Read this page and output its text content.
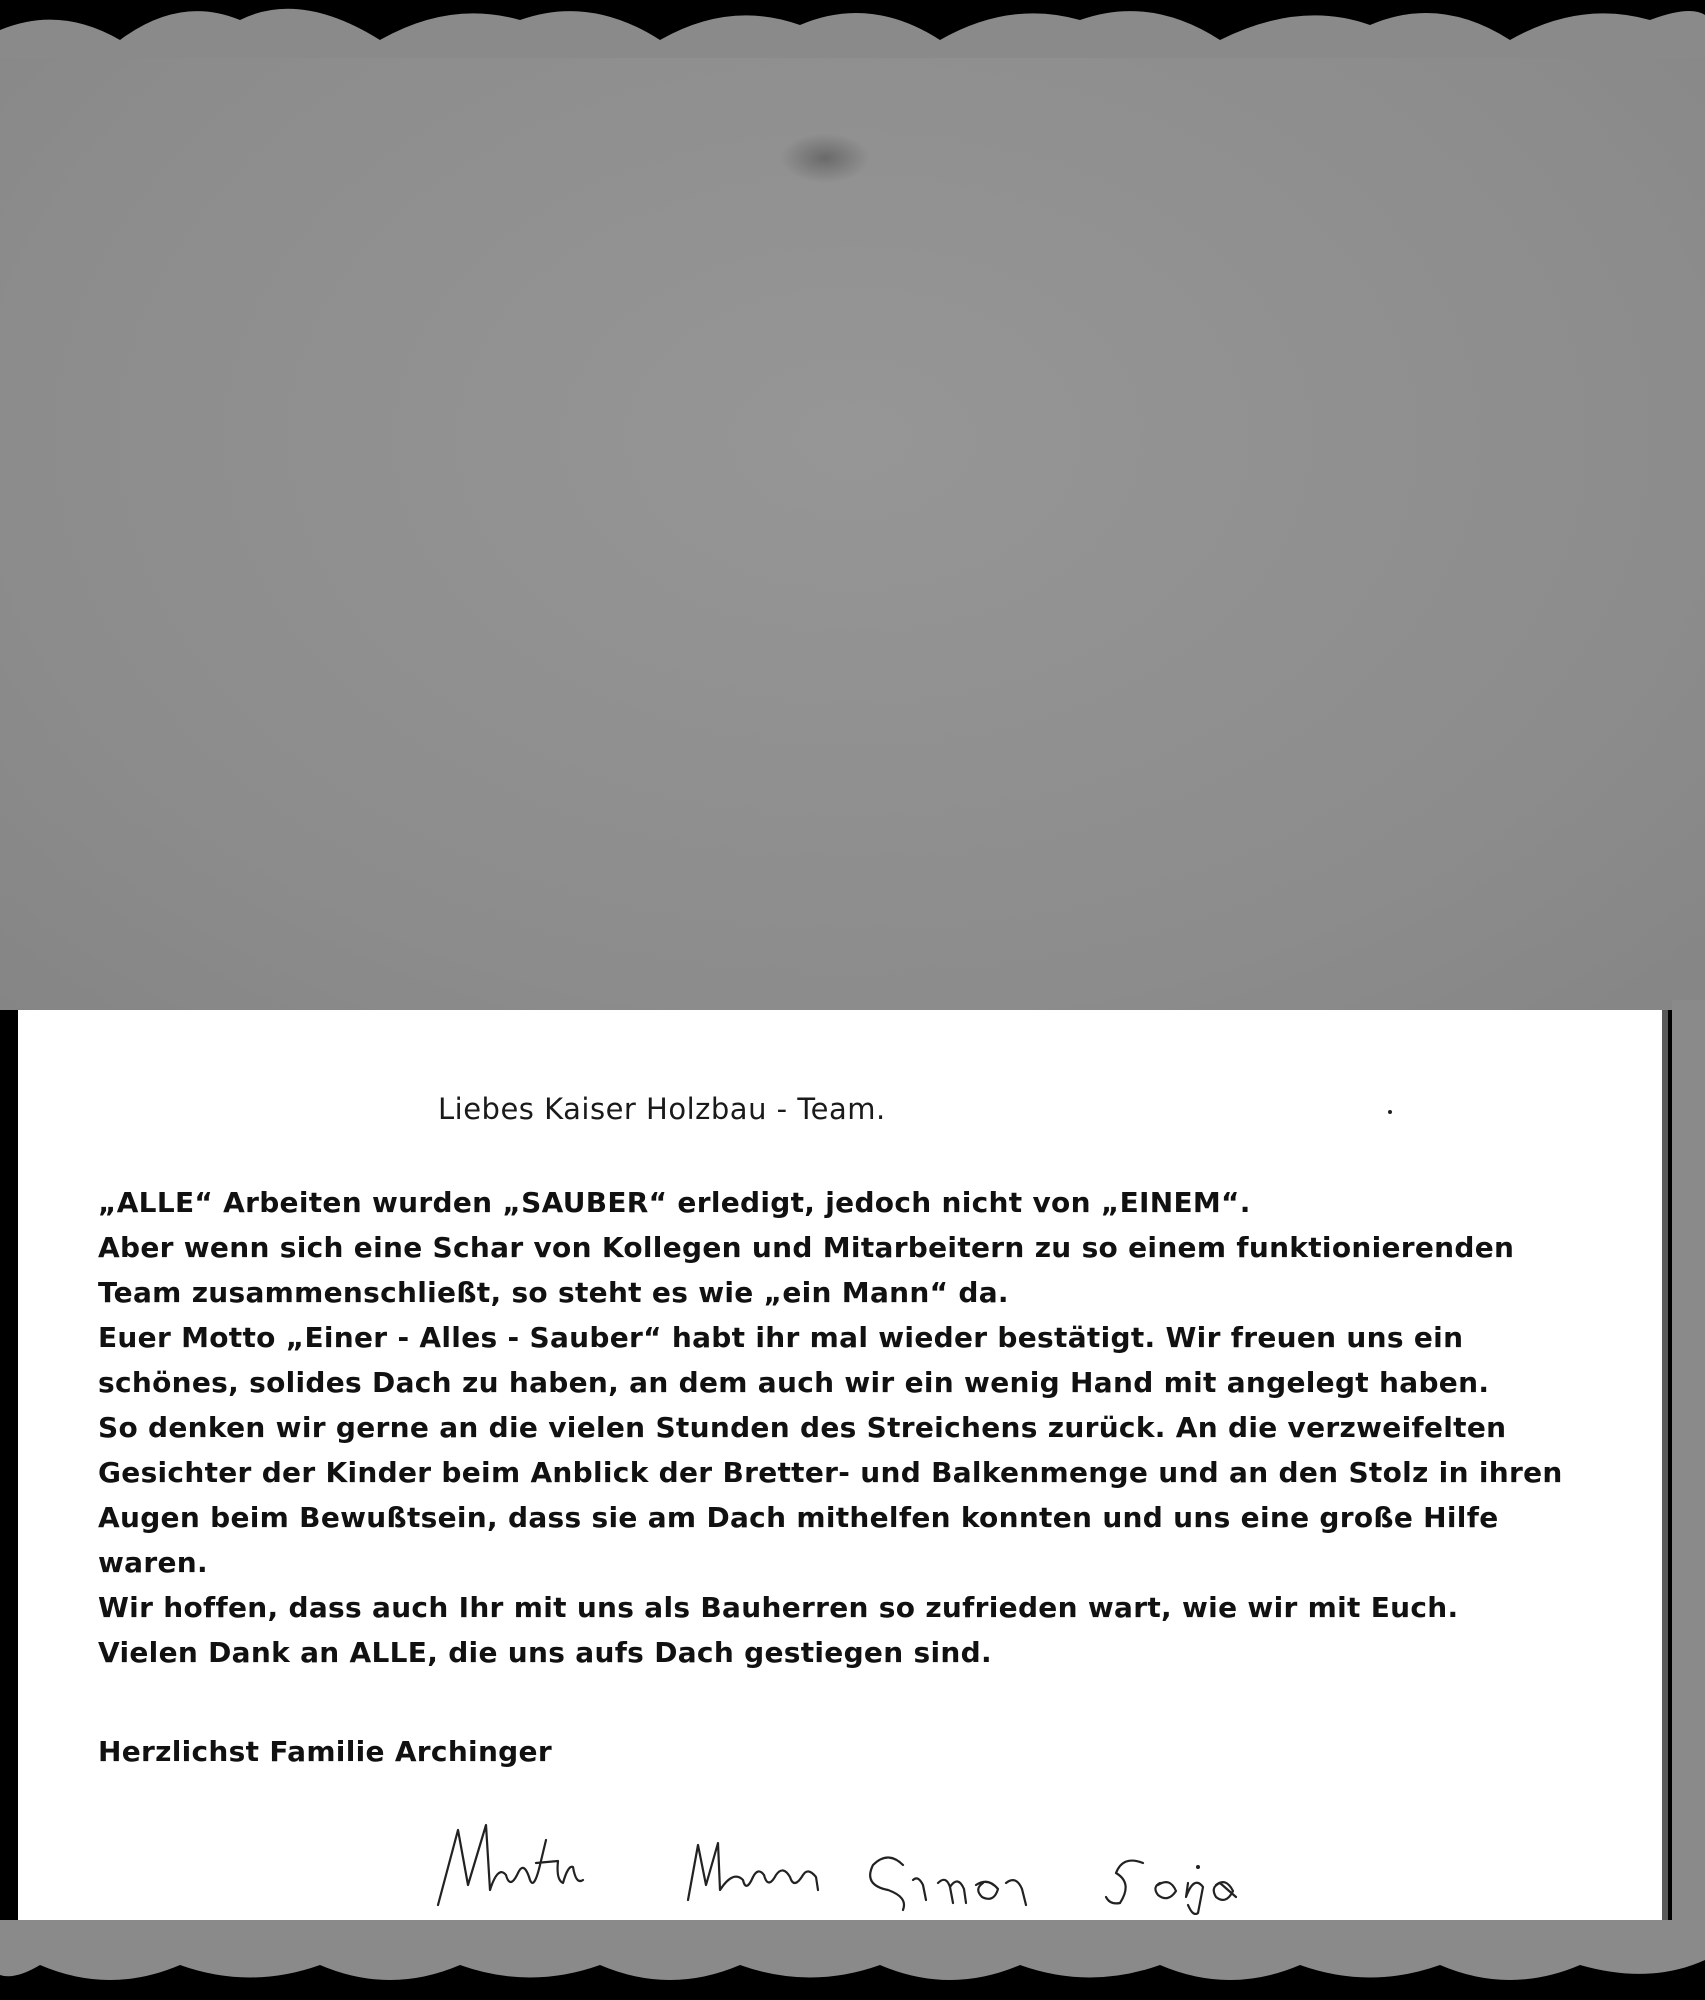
Liebes Kaiser Holzbau - Team.
„ALLE“ Arbeiten wurden „SAUBER“ erledigt, jedoch nicht von „EINEM“.
Aber wenn sich eine Schar von Kollegen und Mitarbeitern zu so einem funktionierenden
Team zusammenschließt, so steht es wie „ein Mann“ da.
Euer Motto „Einer - Alles - Sauber“ habt ihr mal wieder bestätigt. Wir freuen uns ein
schönes, solides Dach zu haben, an dem auch wir ein wenig Hand mit angelegt haben.
So denken wir gerne an die vielen Stunden des Streichens zurück. An die verzweifelten
Gesichter der Kinder beim Anblick der Bretter- und Balkenmenge und an den Stolz in ihren
Augen beim Bewußtsein, dass sie am Dach mithelfen konnten und uns eine große Hilfe
waren.
Wir hoffen, dass auch Ihr mit uns als Bauherren so zufrieden wart, wie wir mit Euch.
Vielen Dank an ALLE, die uns aufs Dach gestiegen sind.
Herzlichst Familie Archinger
